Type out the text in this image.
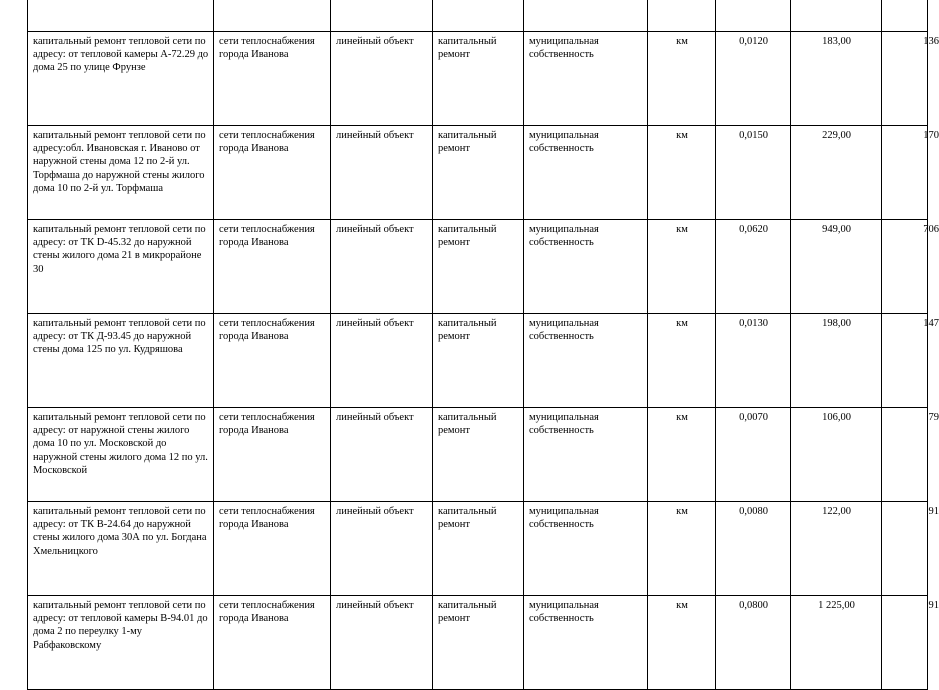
капитальный ремонт тепловой сети по адресу: от тепловой камеры А-72.29 до дома 25 по улице Фрунзе	сети теплоснабжения города Иванова	линейный объект	капитальный ремонт	муниципальная собственность	км	0,0120	183,00	136
капитальный ремонт тепловой сети по адресу:обл. Ивановская г. Иваново от наружной стены дома 12 по 2-й ул. Торфмаша до наружной стены жилого дома 10 по 2-й ул. Торфмаша	сети теплоснабжения города Иванова	линейный объект	капитальный ремонт	муниципальная собственность	км	0,0150	229,00	170
капитальный ремонт тепловой сети по адресу: от ТК D-45.32 до наружной стены жилого дома 21 в микрорайоне 30	сети теплоснабжения города Иванова	линейный объект	капитальный ремонт	муниципальная собственность	км	0,0620	949,00	706
капитальный ремонт тепловой сети по адресу: от ТК Д-93.45 до наружной стены дома 125 по ул. Кудряшова	сети теплоснабжения города Иванова	линейный объект	капитальный ремонт	муниципальная собственность	км	0,0130	198,00	147
капитальный ремонт тепловой сети по адресу: от наружной стены жилого дома 10 по ул. Московской до наружной стены жилого дома 12 по ул. Московской	сети теплоснабжения города Иванова	линейный объект	капитальный ремонт	муниципальная собственность	км	0,0070	106,00	79
капитальный ремонт тепловой сети по адресу: от ТК В-24.64 до наружной стены жилого дома 30А по ул. Богдана Хмельницкого	сети теплоснабжения города Иванова	линейный объект	капитальный ремонт	муниципальная собственность	км	0,0080	122,00	91
капитальный ремонт тепловой сети по адресу: от тепловой камеры В-94.01 до дома 2 по переулку 1-му Рабфаковскому	сети теплоснабжения города Иванова	линейный объект	капитальный ремонт	муниципальная собственность	км	0,0800	1 225,00	91
